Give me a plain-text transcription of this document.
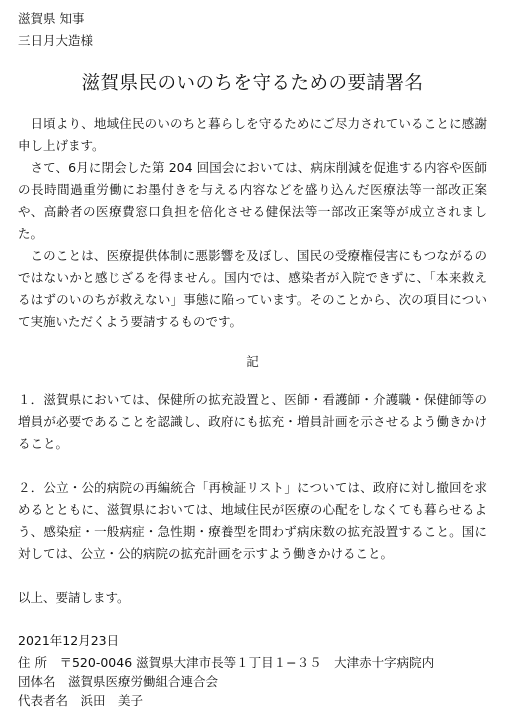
滋賀県 知事

三日月大造様

滋賀県民のいのちを守るための要請署名

日頃より、地域住民のいのちと暮らしを守るためにご尽力されていることに感謝申し上げます。

さて、6月に閉会した第 204 回国会においては、病床削減を促進する内容や医師の長時間過重労働にお墨付きを与える内容などを盛り込んだ医療法等一部改正案や、高齢者の医療費窓口負担を倍化させる健保法等一部改正案等が成立されました。

このことは、医療提供体制に悪影響を及ぼし、国民の受療権侵害にもつながるのではないかと感じざるを得ません。国内では、感染者が入院できずに、「本来救えるはずのいのちが救えない」事態に陥っています。そのことから、次の項目について実施いただくよう要請するものです。

記

１．滋賀県においては、保健所の拡充設置と、医師・看護師・介護職・保健師等の増員が必要であることを認識し、政府にも拡充・増員計画を示させるよう働きかけること。

２．公立・公的病院の再編統合「再検証リスト」については、政府に対し撤回を求めるとともに、滋賀県においては、地域住民が医療の心配をしなくても暮らせるよう、感染症・一般病症・急性期・療養型を問わず病床数の拡充設置すること。国に対しては、公立・公的病院の拡充計画を示すよう働きかけること。

以上、要請します。

2021年12月23日

住 所　〒520-0046 滋賀県大津市長等１丁目１−３５　大津赤十字病院内

団体名　滋賀県医療労働組合連合会

代表者名　浜田　美子
